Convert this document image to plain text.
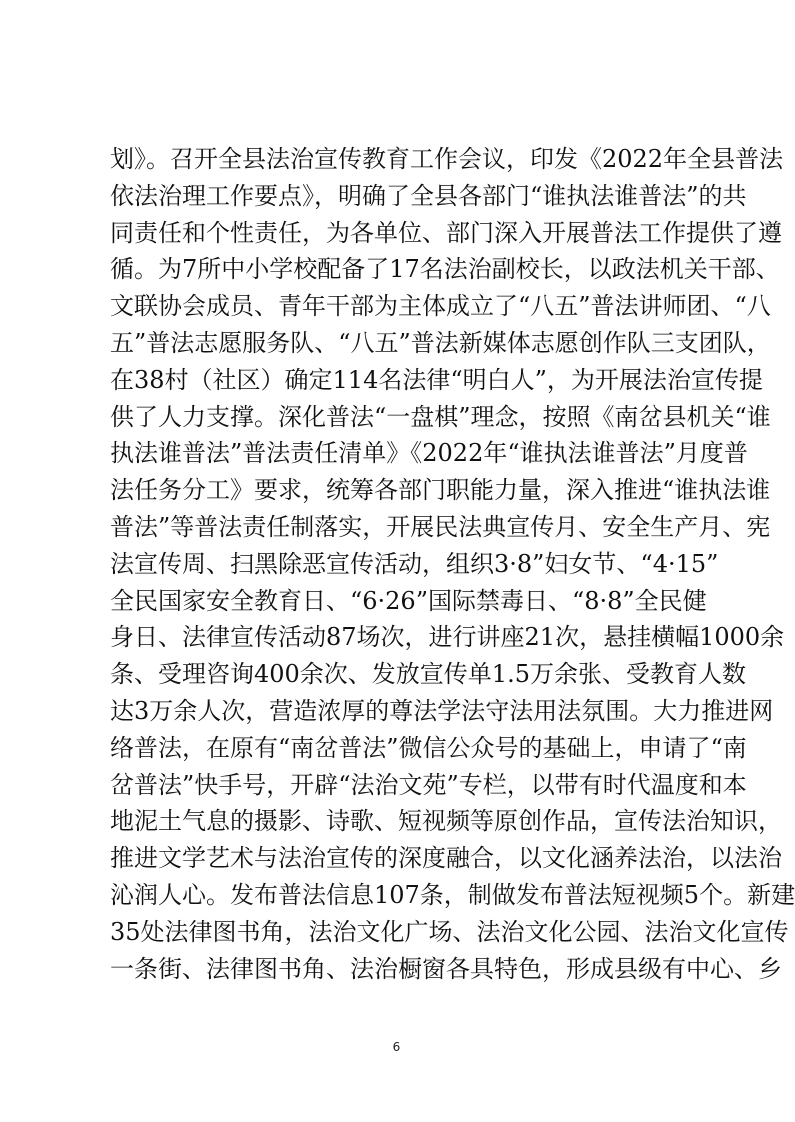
划》。召开全县法治宣传教育工作会议，印发《2022年全县普法
依法治理工作要点》，明确了全县各部门“谁执法谁普法”的共
同责任和个性责任，为各单位、部门深入开展普法工作提供了遵
循。为7所中小学校配备了17名法治副校长，以政法机关干部、
文联协会成员、青年干部为主体成立了“八五”普法讲师团、“八
五”普法志愿服务队、“八五”普法新媒体志愿创作队三支团队，
在38村（社区）确定114名法律“明白人”，为开展法治宣传提
供了人力支撑。深化普法“一盘棋”理念，按照《南岔县机关“谁
执法谁普法”普法责任清单》《2022年“谁执法谁普法”月度普
法任务分工》要求，统筹各部门职能力量，深入推进“谁执法谁
普法”等普法责任制落实，开展民法典宣传月、安全生产月、宪
法宣传周、扫黑除恶宣传活动，组织3·8”妇女节、“4·15”
全民国家安全教育日、“6·26”国际禁毒日、“8·8”全民健
身日、法律宣传活动87场次，进行讲座21次，悬挂横幅1000余
条、受理咨询400余次、发放宣传单1.5万余张、受教育人数
达3万余人次，营造浓厚的尊法学法守法用法氛围。大力推进网
络普法，在原有“南岔普法”微信公众号的基础上，申请了“南
岔普法”快手号，开辟“法治文苑”专栏，以带有时代温度和本
地泥土气息的摄影、诗歌、短视频等原创作品，宣传法治知识，
推进文学艺术与法治宣传的深度融合，以文化涵养法治，以法治
沁润人心。发布普法信息107条，制做发布普法短视频5个。新建
35处法律图书角，法治文化广场、法治文化公园、法治文化宣传
一条街、法律图书角、法治橱窗各具特色，形成县级有中心、乡
6
